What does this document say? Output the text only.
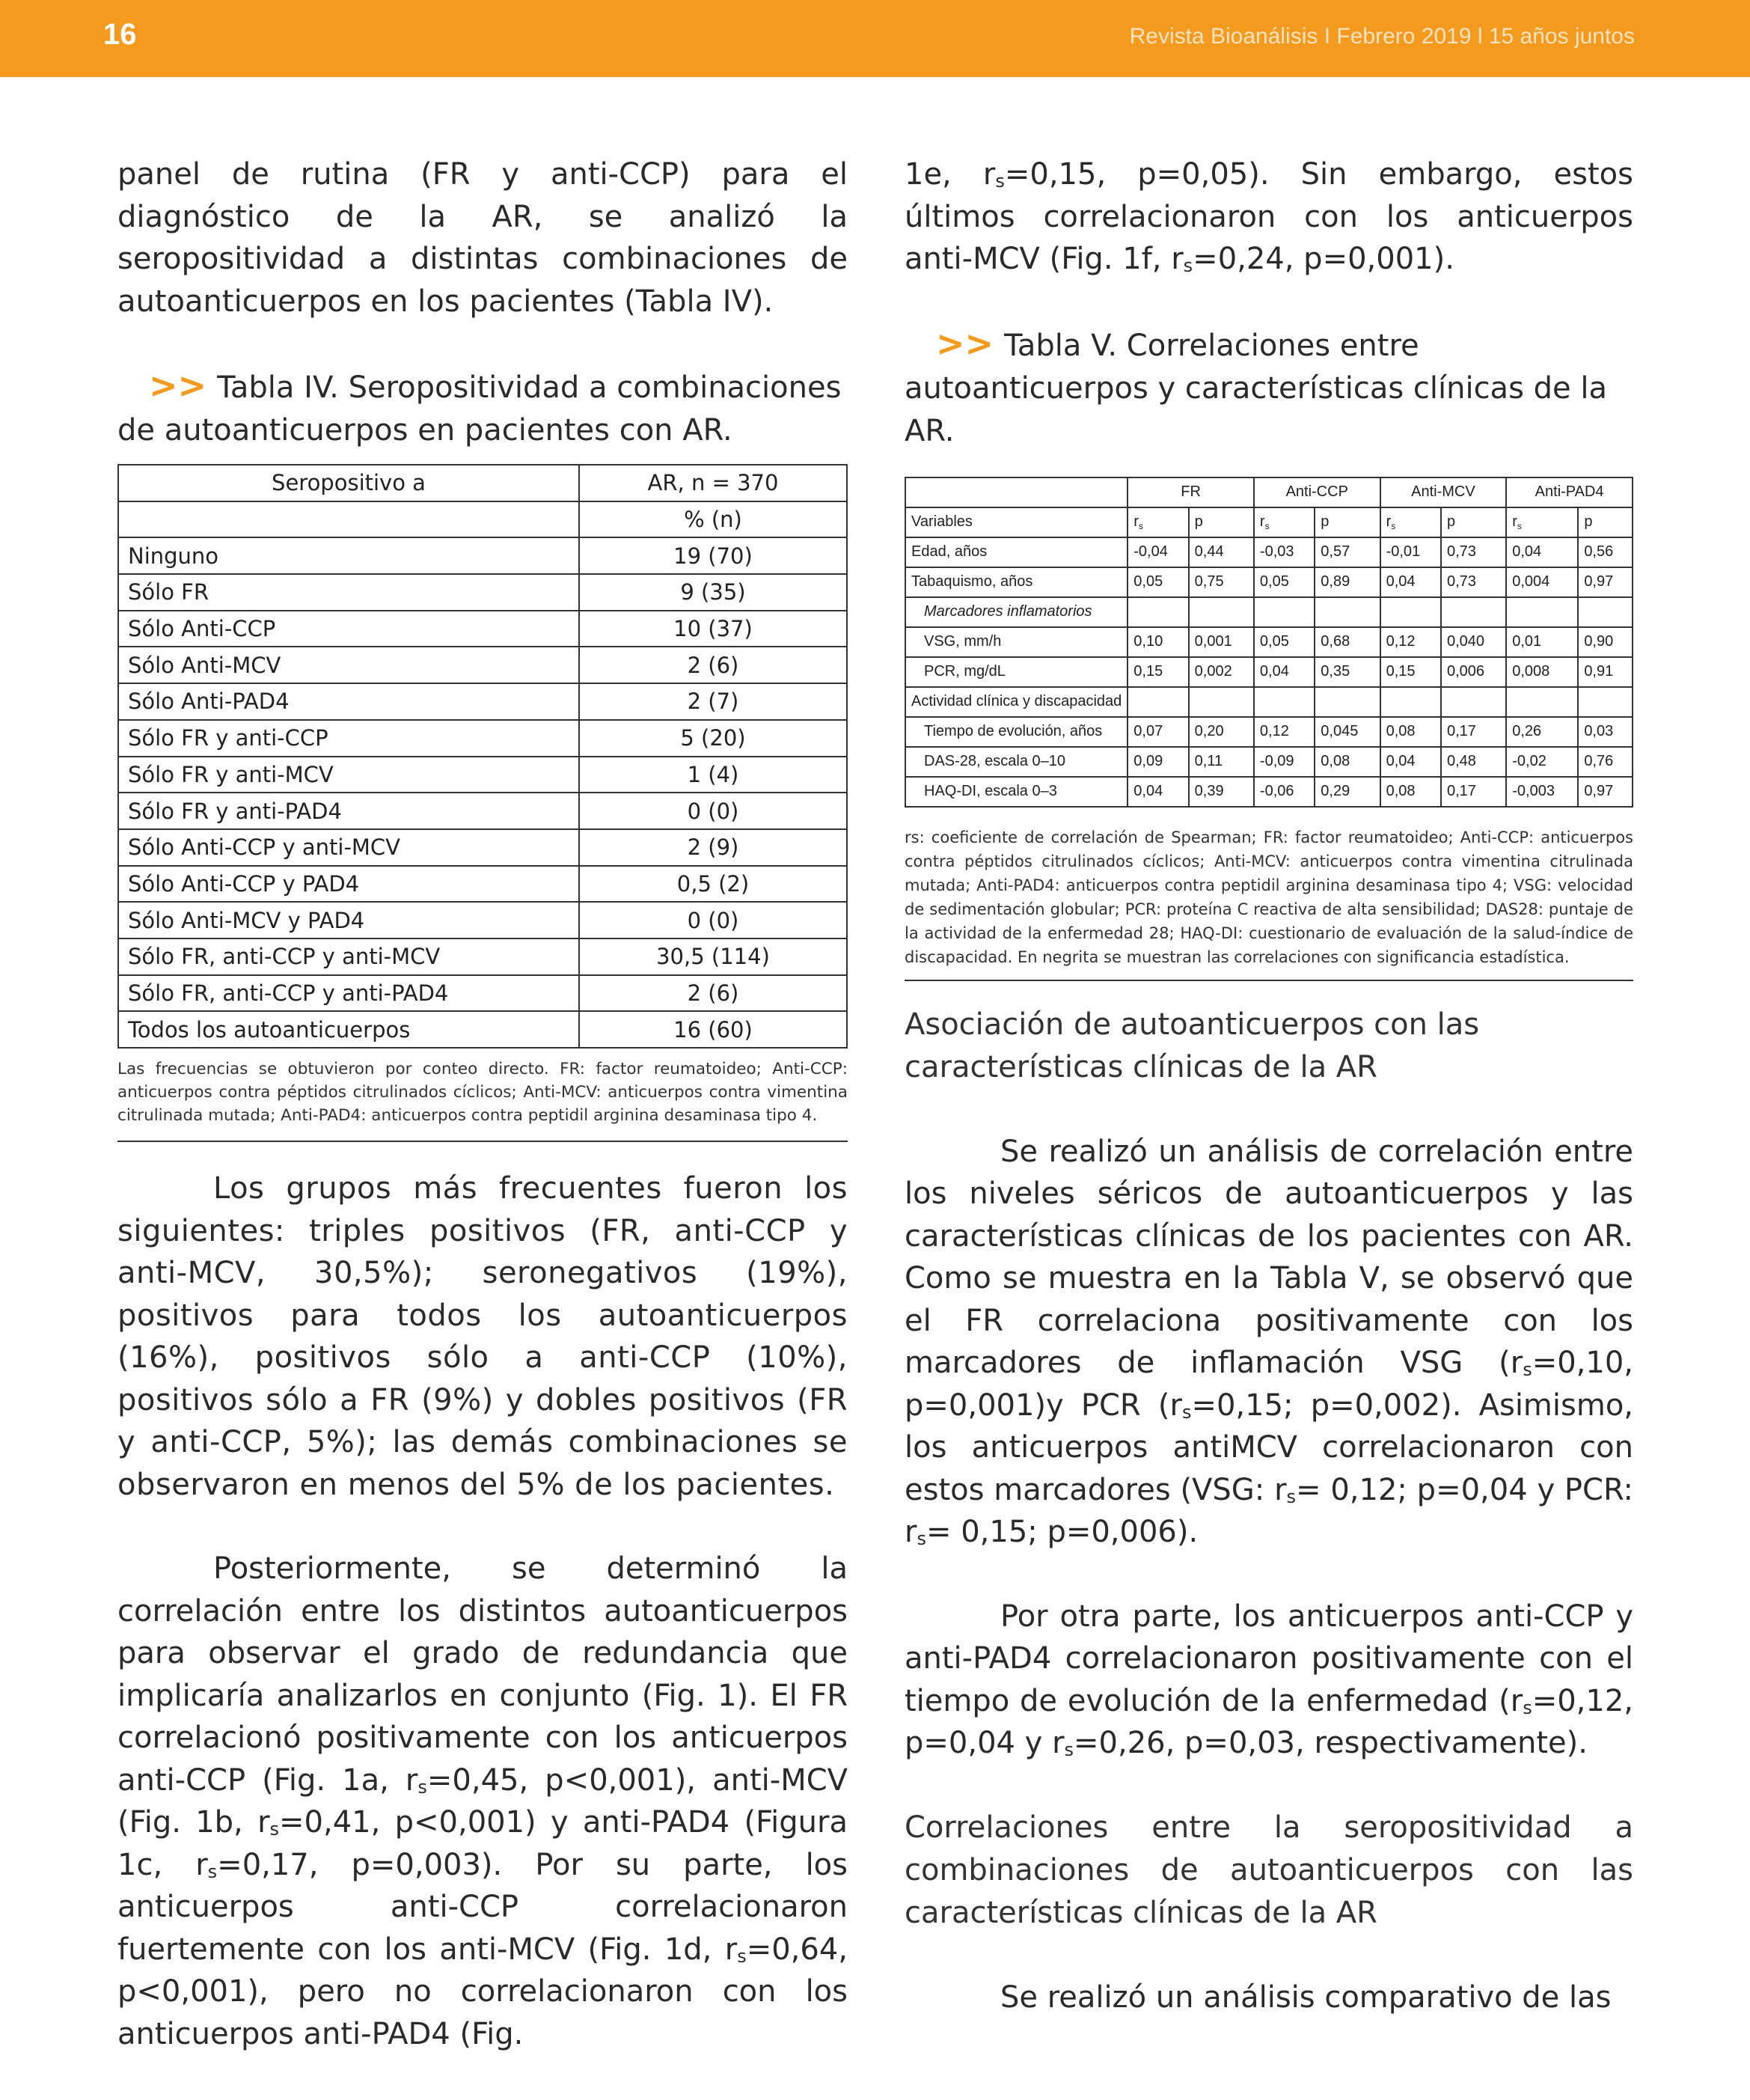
16	Revista Bioanálisis I Febrero 2019 l 15 años juntos

panel de rutina (FR y anti-CCP) para el diagnóstico de la AR, se analizó la seropositividad a distintas combinaciones de autoanticuerpos en los pacientes (Tabla IV).

>> Tabla IV. Seropositividad a combinaciones de autoanticuerpos en pacientes con AR.

Seropositivo a	AR, n = 370
	% (n)
Ninguno	19 (70)
Sólo FR	9 (35)
Sólo Anti-CCP	10 (37)
Sólo Anti-MCV	2 (6)
Sólo Anti-PAD4	2 (7)
Sólo FR y anti-CCP	5 (20)
Sólo FR y anti-MCV	1 (4)
Sólo FR y anti-PAD4	0 (0)
Sólo Anti-CCP y anti-MCV	2 (9)
Sólo Anti-CCP y PAD4	0,5 (2)
Sólo Anti-MCV y PAD4	0 (0)
Sólo FR, anti-CCP y anti-MCV	30,5 (114)
Sólo FR, anti-CCP y anti-PAD4	2 (6)
Todos los autoanticuerpos	16 (60)

Las frecuencias se obtuvieron por conteo directo. FR: factor reumatoideo; Anti-CCP: anticuerpos contra péptidos citrulinados cíclicos; Anti-MCV: anticuerpos contra vimentina citrulinada mutada; Anti-PAD4: anticuerpos contra peptidil arginina desaminasa tipo 4.

Los grupos más frecuentes fueron los siguientes: triples positivos (FR, anti-CCP y anti-MCV, 30,5%); seronegativos (19%), positivos para todos los autoanticuerpos (16%), positivos sólo a anti-CCP (10%), positivos sólo a FR (9%) y dobles positivos (FR y anti-CCP, 5%); las demás combinaciones se observaron en menos del 5% de los pacientes.

Posteriormente, se determinó la correlación entre los distintos autoanticuerpos para observar el grado de redundancia que implicaría analizarlos en conjunto (Fig. 1). El FR correlacionó positivamente con los anticuerpos anti-CCP (Fig. 1a, $r_s=0,45$, p<0,001), anti-MCV (Fig. 1b, $r_s=0,41$, p<0,001) y anti-PAD4 (Figura 1c, $r_s=0,17$, p=0,003). Por su parte, los anticuerpos anti-CCP correlacionaron fuertemente con los anti-MCV (Fig. 1d, $r_s=0,64$, p<0,001), pero no correlacionaron con los anticuerpos anti-PAD4 (Fig.

1e, $r_s=0,15$, p=0,05). Sin embargo, estos últimos correlacionaron con los anticuerpos anti-MCV (Fig. 1f, $r_s=0,24$, p=0,001).

>> Tabla V. Correlaciones entre autoanticuerpos y características clínicas de la AR.

	FR		Anti-CCP		Anti-MCV		Anti-PAD4	
Variables	$r_s$	p	$r_s$	p	$r_s$	p	$r_s$	p
Edad, años	-0,04	0,44	-0,03	0,57	-0,01	0,73	0,04	0,56
Tabaquismo, años	0,05	0,75	0,05	0,89	0,04	0,73	0,004	0,97
Marcadores inflamatorios								
VSG, mm/h	0,10	0,001	0,05	0,68	0,12	0,040	0,01	0,90
PCR, mg/dL	0,15	0,002	0,04	0,35	0,15	0,006	0,008	0,91
Actividad clínica y discapacidad								
Tiempo de evolución, años	0,07	0,20	0,12	0,045	0,08	0,17	0,26	0,03
DAS-28, escala 0–10	0,09	0,11	-0,09	0,08	0,04	0,48	-0,02	0,76
HAQ-DI, escala 0–3	0,04	0,39	-0,06	0,29	0,08	0,17	-0,003	0,97

rs: coeficiente de correlación de Spearman; FR: factor reumatoideo; Anti-CCP: anticuerpos contra péptidos citrulinados cíclicos; Anti-MCV: anticuerpos contra vimentina citrulinada mutada; Anti-PAD4: anticuerpos contra peptidil arginina desaminasa tipo 4; VSG: velocidad de sedimentación globular; PCR: proteína C reactiva de alta sensibilidad; DAS28: puntaje de la actividad de la enfermedad 28; HAQ-DI: cuestionario de evaluación de la salud-índice de discapacidad. En negrita se muestran las correlaciones con significancia estadística.

Asociación de autoanticuerpos con las características clínicas de la AR

Se realizó un análisis de correlación entre los niveles séricos de autoanticuerpos y las características clínicas de los pacientes con AR. Como se muestra en la Tabla V, se observó que el FR correlaciona positivamente con los marcadores de inflamación VSG ($r_s=0,10$, p=0,001)y PCR ($r_s=0,15$; p=0,002). Asimismo, los anticuerpos antiMCV correlacionaron con estos marcadores (VSG: $r_s= 0,12$; p=0,04 y PCR: $r_s= 0,15$; p=0,006).

Por otra parte, los anticuerpos anti-CCP y anti-PAD4 correlacionaron positivamente con el tiempo de evolución de la enfermedad ($r_s=0,12$, p=0,04 y $r_s=0,26$, p=0,03, respectivamente).

Correlaciones entre la seropositividad a combinaciones de autoanticuerpos con las características clínicas de la AR

Se realizó un análisis comparativo de las
